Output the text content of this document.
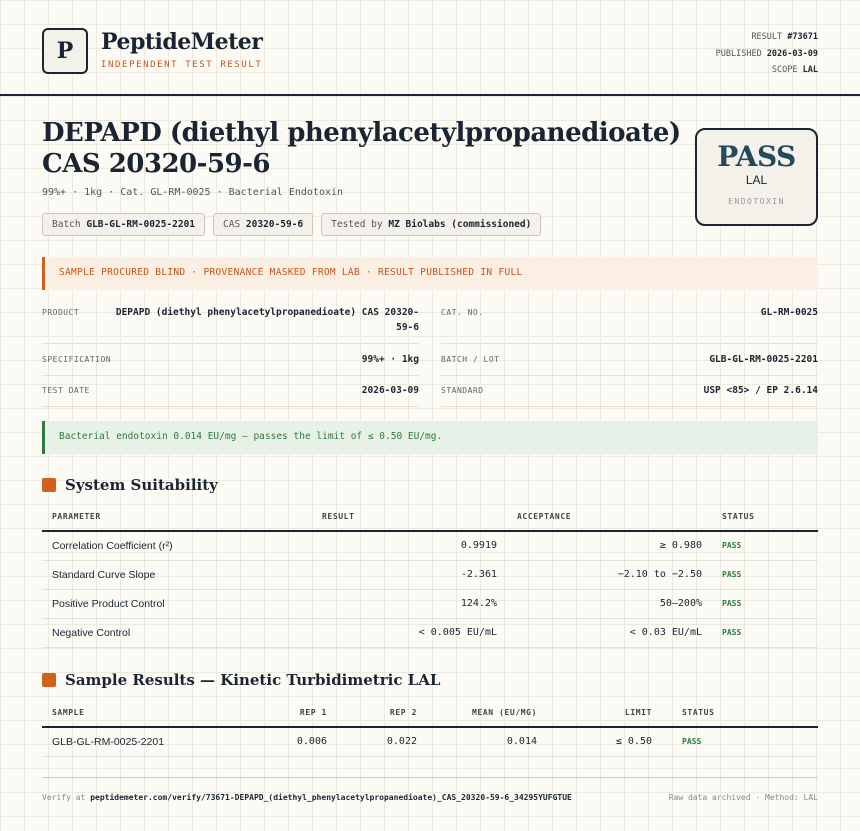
P	PeptideMeter
INDEPENDENT TEST RESULT
RESULT #73671
PUBLISHED 2026-03-09
SCOPE LAL
DEPAPD (diethyl phenylacetylpropanedioate) CAS 20320-59-6
99%+ · 1kg · Cat. GL-RM-0025 · Bacterial Endotoxin
Batch GLB-GL-RM-0025-2201	CAS 20320-59-6	Tested by MZ Biolabs (commissioned)
PASS
LAL
ENDOTOXIN
SAMPLE PROCURED BLIND · PROVENANCE MASKED FROM LAB · RESULT PUBLISHED IN FULL
PRODUCT	DEPAPD (diethyl phenylacetylpropanedioate) CAS 20320-59-6
CAT. NO.	GL-RM-0025
SPECIFICATION	99%+ · 1kg	BATCH / LOT	GLB-GL-RM-0025-2201
TEST DATE	2026-03-09	STANDARD	USP <85> / EP 2.6.14
Bacterial endotoxin 0.014 EU/mg — passes the limit of ≤ 0.50 EU/mg.
System Suitability
PARAMETER	RESULT	ACCEPTANCE	STATUS
Correlation Coefficient (r²)	0.9919	≥ 0.980	PASS
Standard Curve Slope	-2.361	−2.10 to −2.50	PASS
Positive Product Control	124.2%	50–200%	PASS
Negative Control	< 0.005 EU/mL	< 0.03 EU/mL	PASS
Sample Results — Kinetic Turbidimetric LAL
SAMPLE	REP 1	REP 2	MEAN (EU/MG)	LIMIT	STATUS
GLB-GL-RM-0025-2201	0.006	0.022	0.014	≤ 0.50	PASS
Verify at peptidemeter.com/verify/73671-DEPAPD_(diethyl_phenylacetylpropanedioate)_CAS_20320-59-6_34295YUFGTUE	Raw data archived · Method: LAL
